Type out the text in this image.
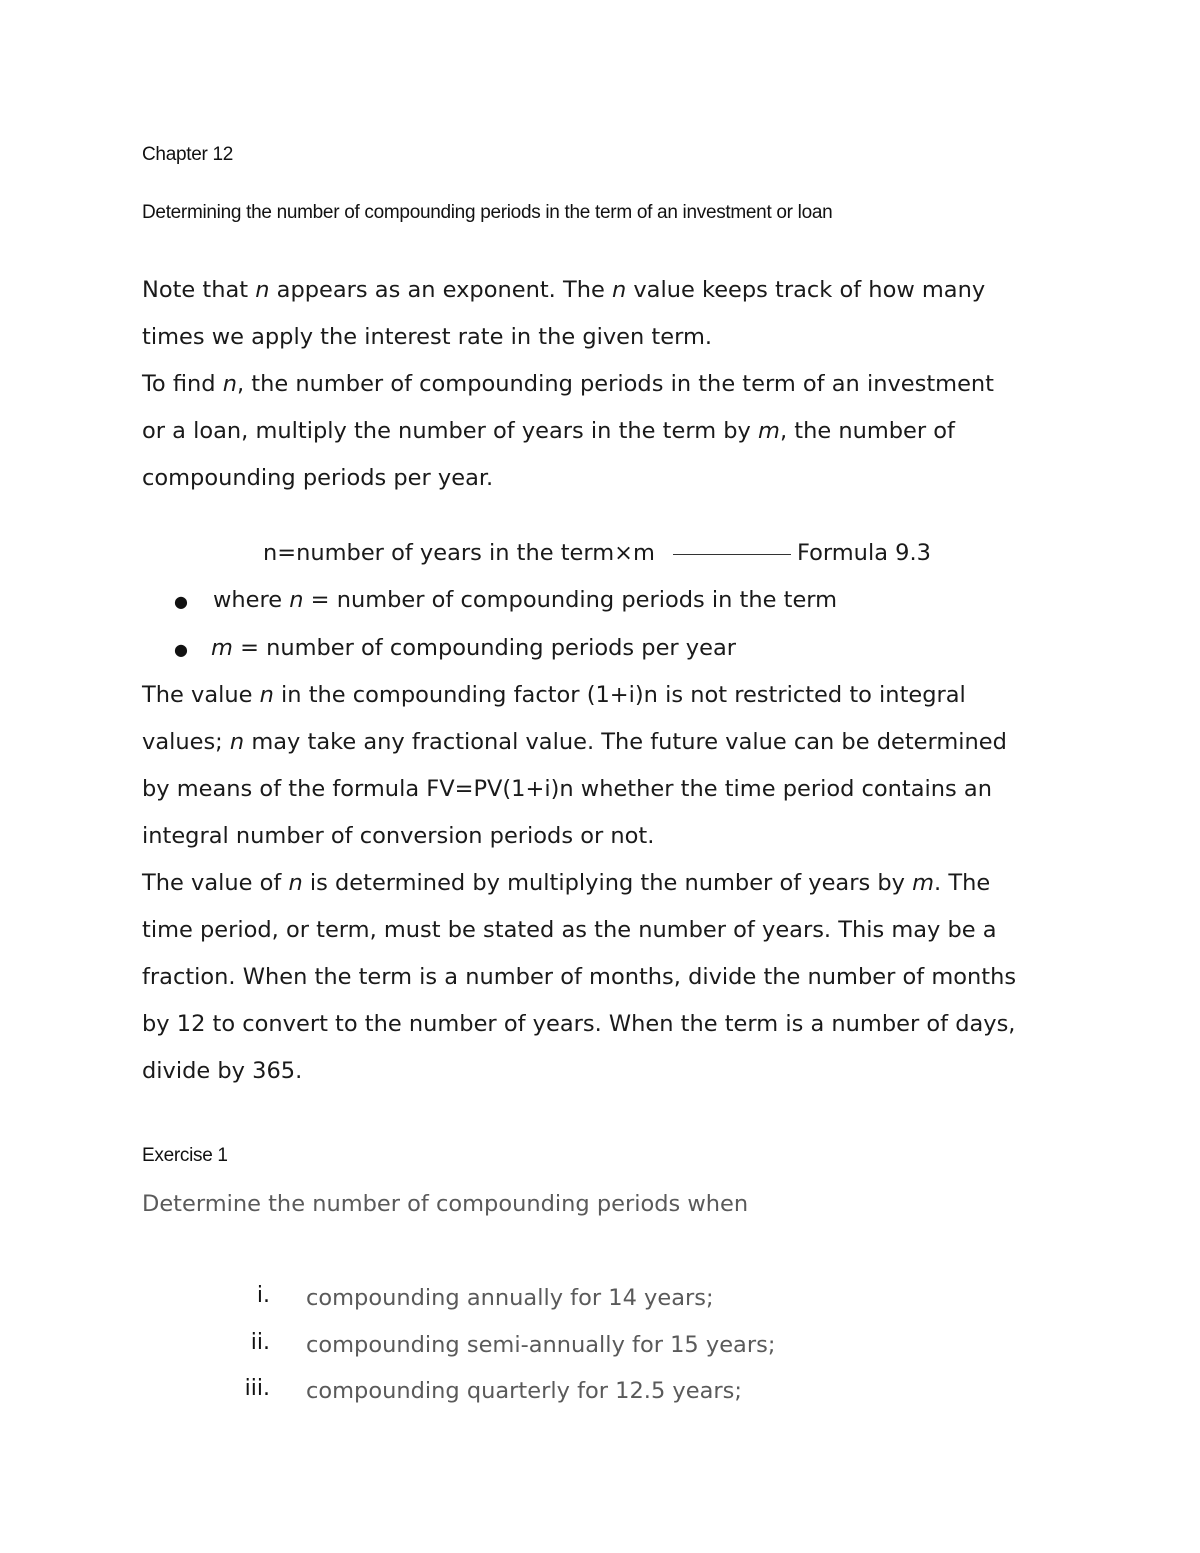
Chapter 12
Determining the number of compounding periods in the term of an investment or loan
Note that n appears as an exponent. The n value keeps track of how many
times we apply the interest rate in the given term.
To find n, the number of compounding periods in the term of an investment
or a loan, multiply the number of years in the term by m, the number of
compounding periods per year.
n=number of years in the term×m	Formula 9.3
● where n = number of compounding periods in the term
● m = number of compounding periods per year
The value n in the compounding factor (1+i)n is not restricted to integral
values; n may take any fractional value. The future value can be determined
by means of the formula FV=PV(1+i)n whether the time period contains an
integral number of conversion periods or not.
The value of n is determined by multiplying the number of years by m. The
time period, or term, must be stated as the number of years. This may be a
fraction. When the term is a number of months, divide the number of months
by 12 to convert to the number of years. When the term is a number of days,
divide by 365.
Exercise 1
Determine the number of compounding periods when
i. compounding annually for 14 years;
ii. compounding semi-annually for 15 years;
iii. compounding quarterly for 12.5 years;
